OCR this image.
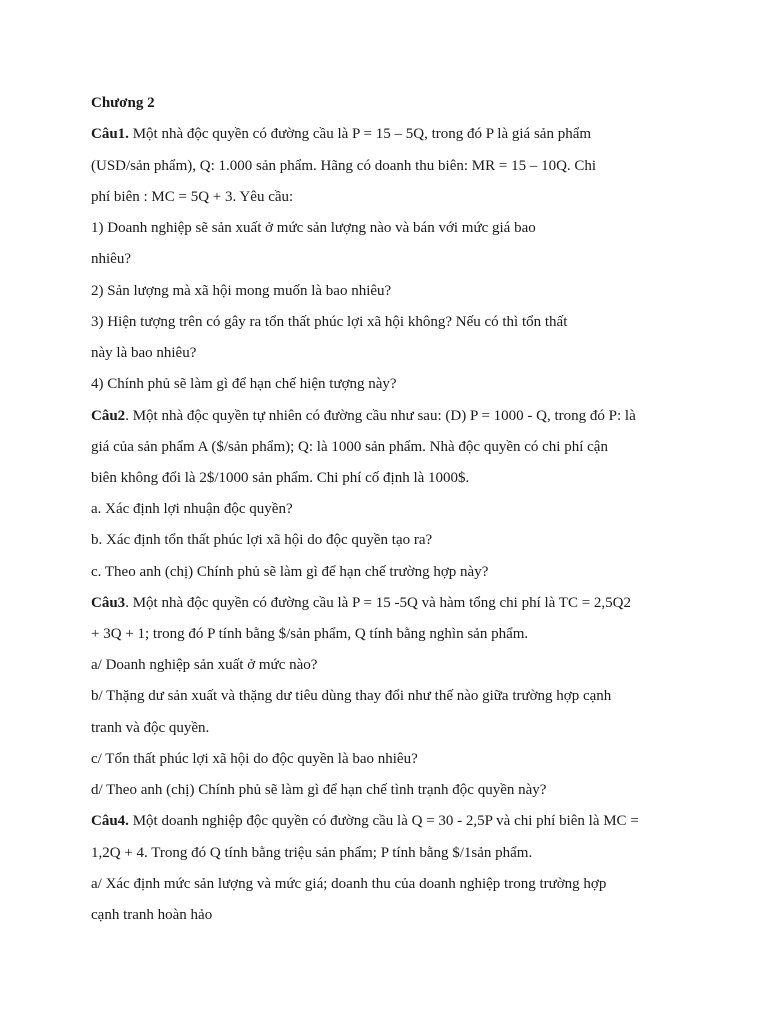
Chương 2
Câu1. Một nhà độc quyền có đường cầu là P = 15 – 5Q, trong đó P là giá sản phẩm
(USD/sản phẩm), Q: 1.000 sản phẩm. Hãng có doanh thu biên: MR = 15 – 10Q. Chi
phí biên : MC = 5Q + 3. Yêu cầu:
1) Doanh nghiệp sẽ sản xuất ở mức sản lượng nào và bán với mức giá bao
nhiêu?
2) Sản lượng mà xã hội mong muốn là bao nhiêu?
3) Hiện tượng trên có gây ra tổn thất phúc lợi xã hội không? Nếu có thì tổn thất
này là bao nhiêu?
4) Chính phủ sẽ làm gì để hạn chế hiện tượng này?
Câu2. Một nhà độc quyền tự nhiên có đường cầu như sau: (D) P = 1000 - Q, trong đó P: là
giá của sản phẩm A ($/sản phẩm); Q: là 1000 sản phẩm. Nhà độc quyền có chi phí cận
biên không đổi là 2$/1000 sản phẩm. Chi phí cố định là 1000$.
a. Xác định lợi nhuận độc quyền?
b. Xác định tổn thất phúc lợi xã hội do độc quyền tạo ra?
c. Theo anh (chị) Chính phủ sẽ làm gì để hạn chế trường hợp này?
Câu3. Một nhà độc quyền có đường cầu là P = 15 -5Q và hàm tổng chi phí là TC = 2,5Q2
+ 3Q + 1; trong đó P tính bằng $/sản phẩm, Q tính bằng nghìn sản phẩm.
a/ Doanh nghiệp sản xuất ở mức nào?
b/ Thặng dư sản xuất và thặng dư tiêu dùng thay đổi như thế nào giữa trường hợp cạnh
tranh và độc quyền.
c/ Tổn thất phúc lợi xã hội do độc quyền là bao nhiêu?
d/ Theo anh (chị) Chính phủ sẽ làm gì để hạn chế tình trạnh độc quyền này?
Câu4. Một doanh nghiệp độc quyền có đường cầu là Q = 30 - 2,5P và chi phí biên là MC =
1,2Q + 4. Trong đó Q tính bằng triệu sản phẩm; P tính bằng $/1sản phẩm.
a/ Xác định mức sản lượng và mức giá; doanh thu của doanh nghiệp trong trường hợp
cạnh tranh hoàn hảo
